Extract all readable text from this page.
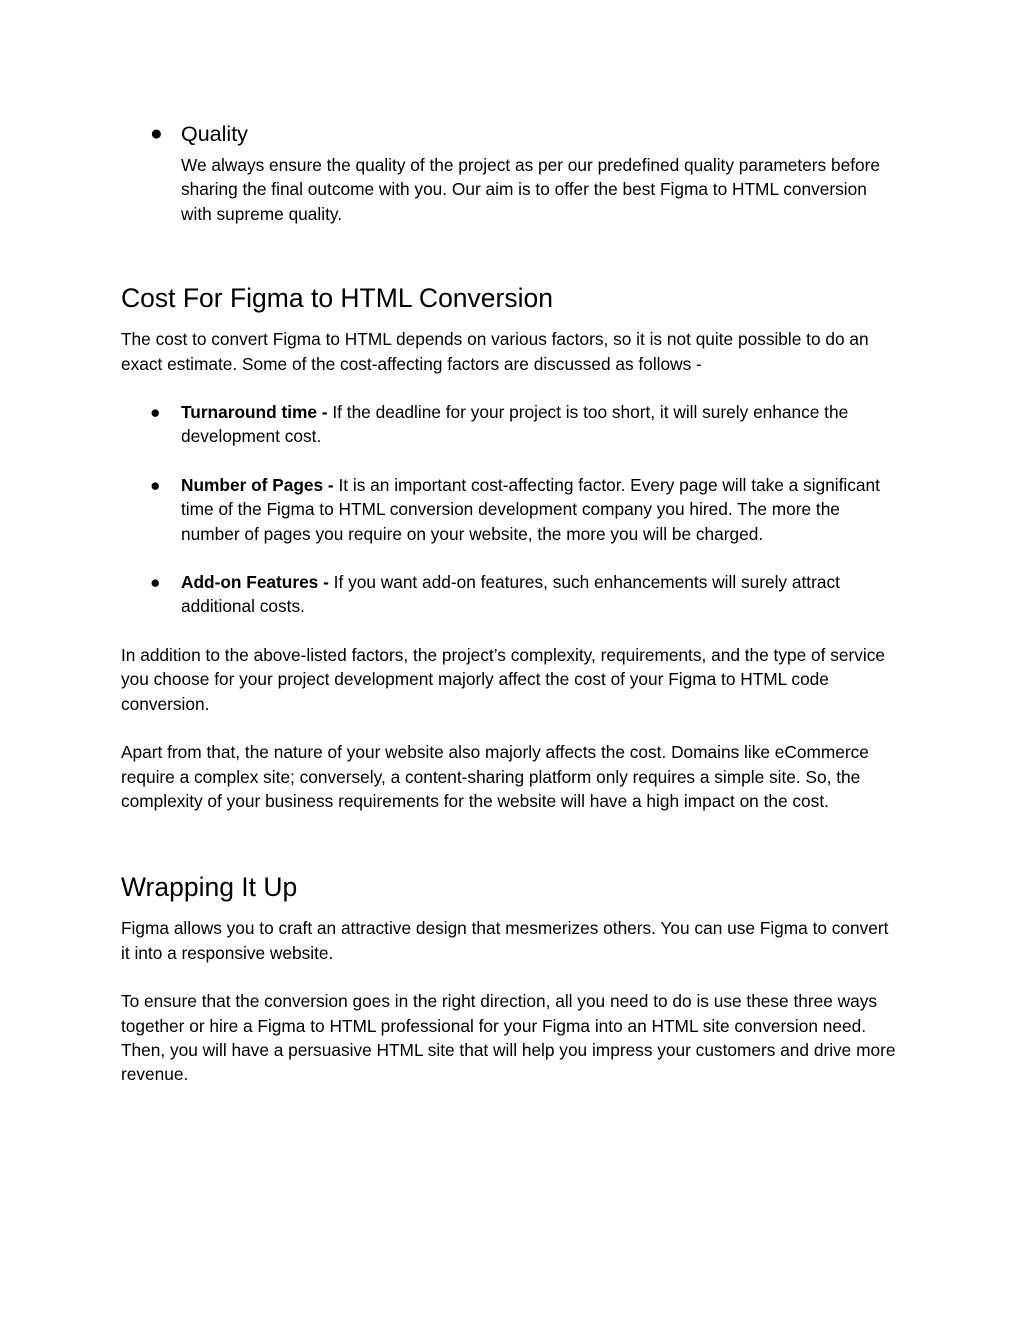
● Quality

We always ensure the quality of the project as per our predefined quality parameters before sharing the final outcome with you. Our aim is to offer the best Figma to HTML conversion with supreme quality.

Cost For Figma to HTML Conversion

The cost to convert Figma to HTML depends on various factors, so it is not quite possible to do an exact estimate. Some of the cost-affecting factors are discussed as follows -

● Turnaround time - If the deadline for your project is too short, it will surely enhance the development cost.

● Number of Pages - It is an important cost-affecting factor. Every page will take a significant time of the Figma to HTML conversion development company you hired. The more the number of pages you require on your website, the more you will be charged.

● Add-on Features - If you want add-on features, such enhancements will surely attract additional costs.

In addition to the above-listed factors, the project’s complexity, requirements, and the type of service you choose for your project development majorly affect the cost of your Figma to HTML code conversion.

Apart from that, the nature of your website also majorly affects the cost. Domains like eCommerce require a complex site; conversely, a content-sharing platform only requires a simple site. So, the complexity of your business requirements for the website will have a high impact on the cost.

Wrapping It Up

Figma allows you to craft an attractive design that mesmerizes others. You can use Figma to convert it into a responsive website.

To ensure that the conversion goes in the right direction, all you need to do is use these three ways together or hire a Figma to HTML professional for your Figma into an HTML site conversion need. Then, you will have a persuasive HTML site that will help you impress your customers and drive more revenue.
